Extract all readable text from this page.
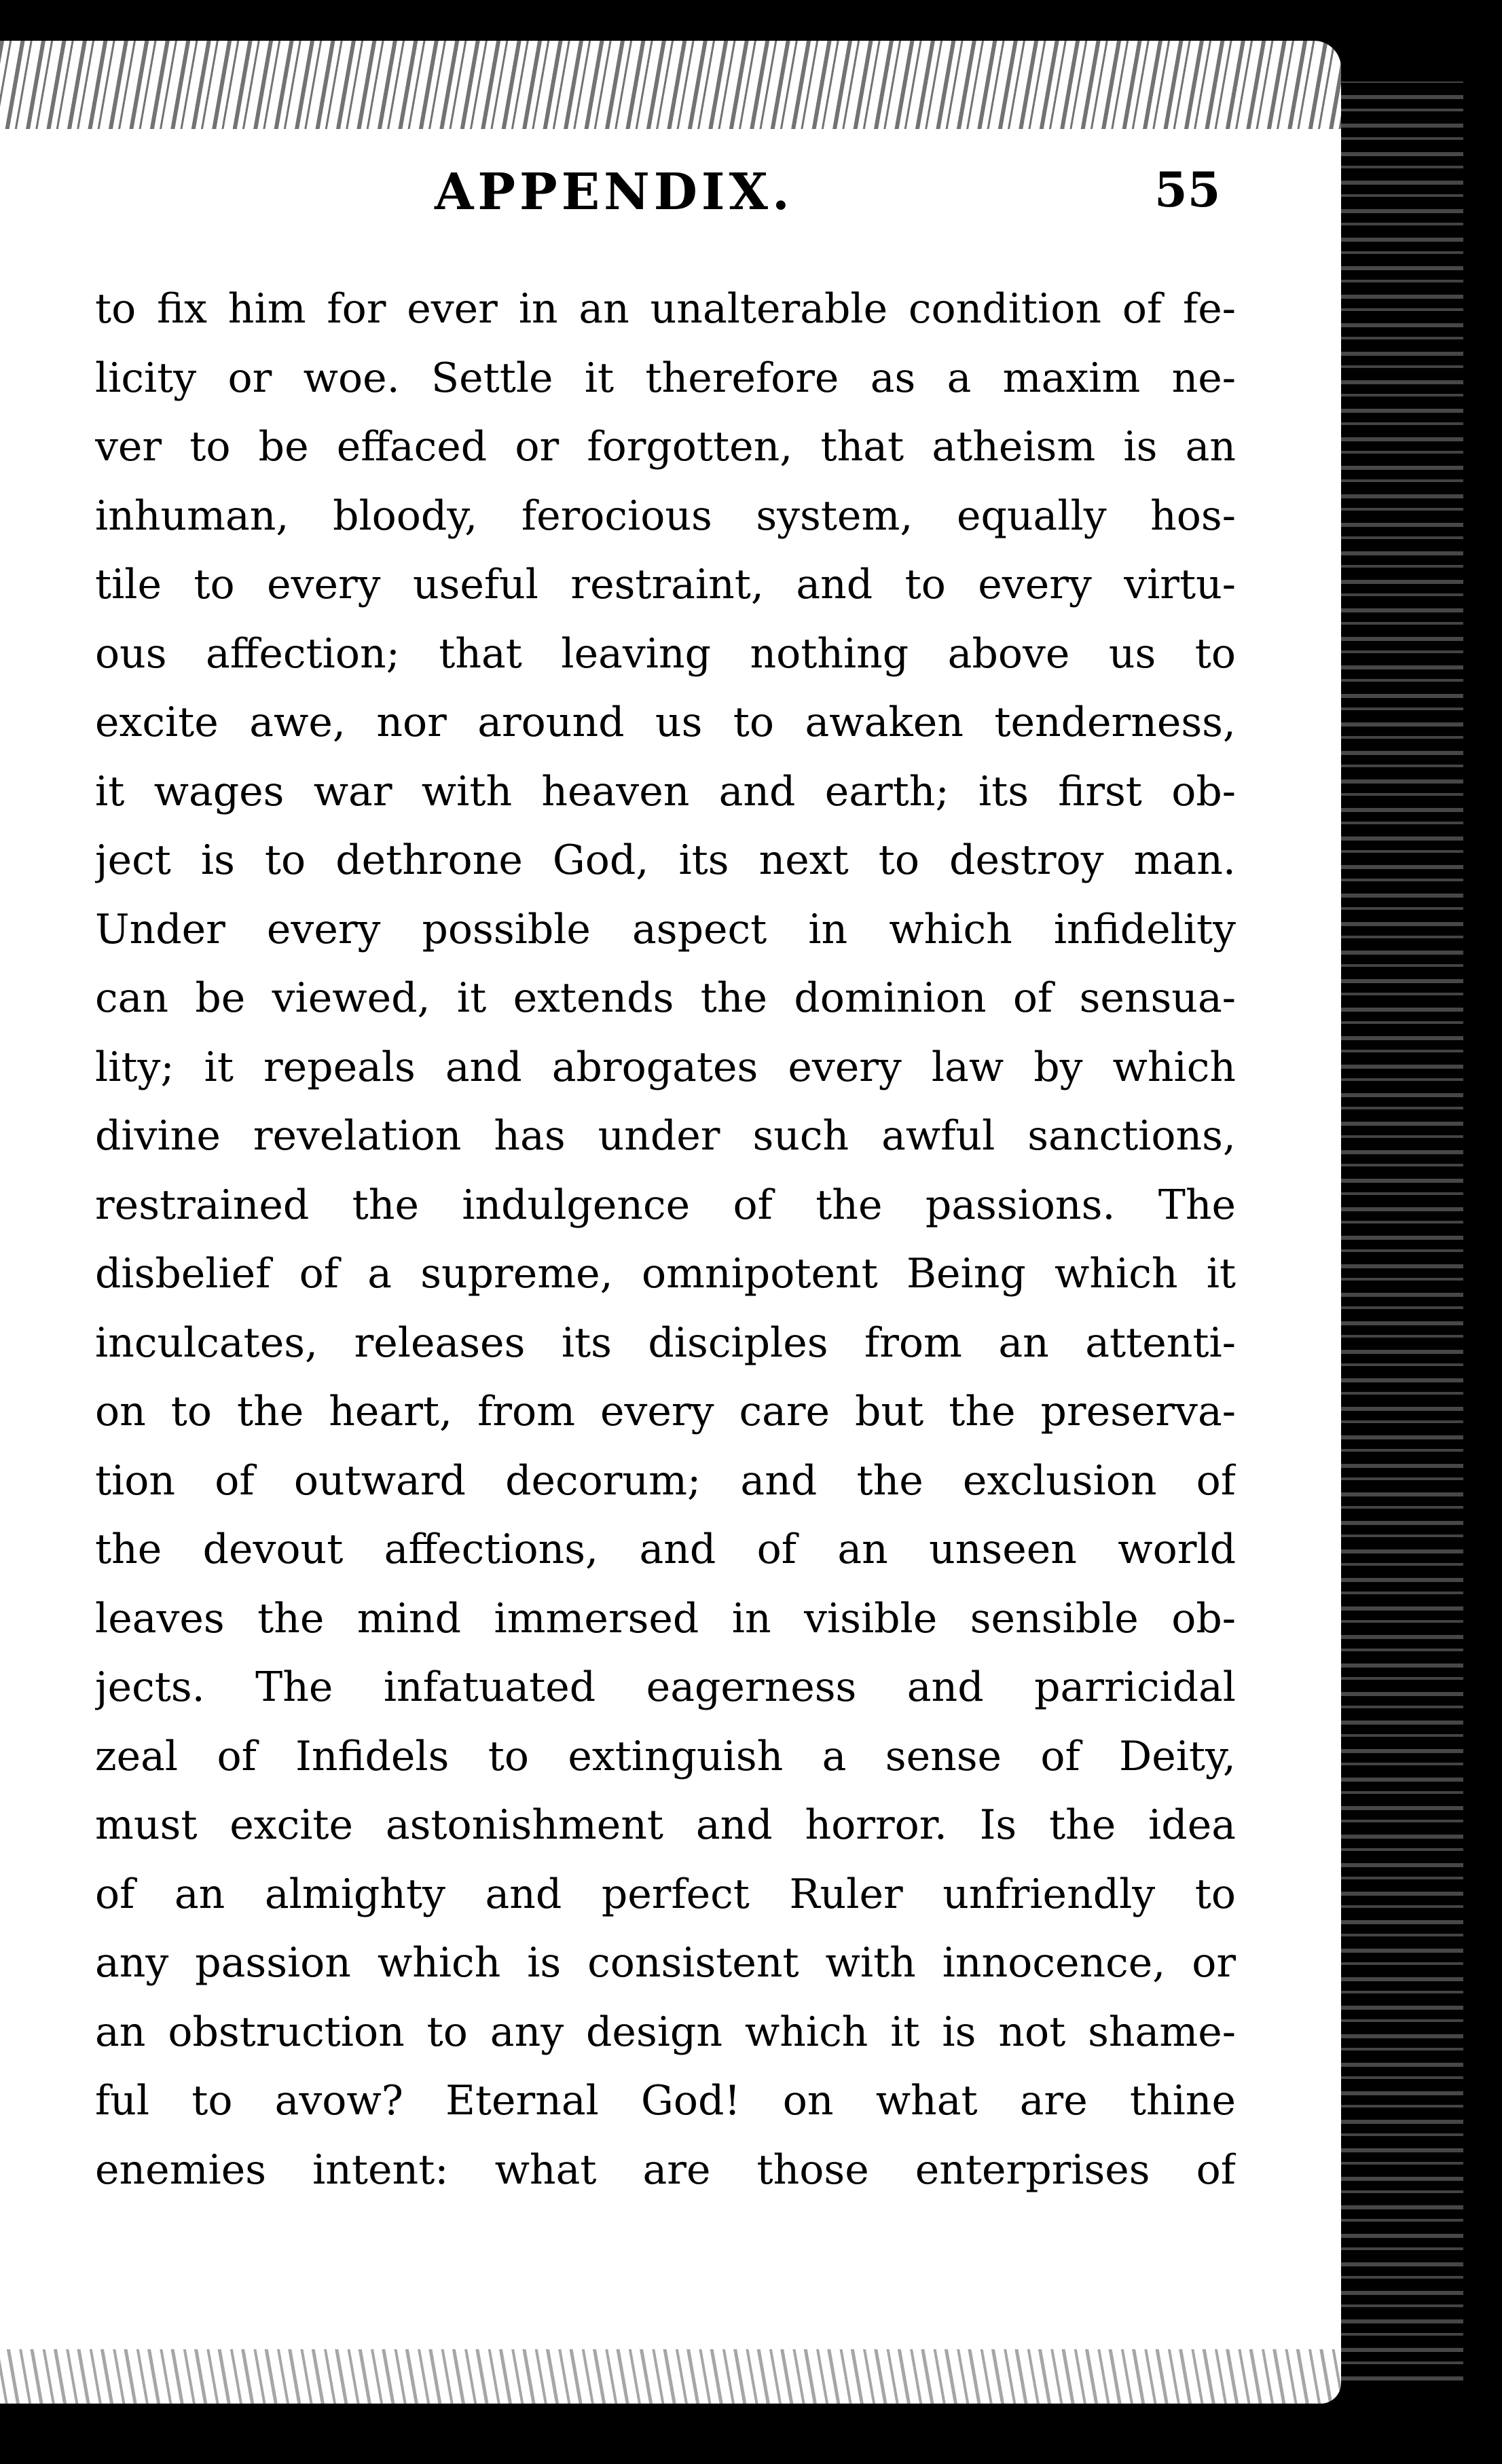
APPENDIX.	55
to fix him for ever in an unalterable condition of fe-
licity or woe. Settle it therefore as a maxim ne-
ver to be effaced or forgotten, that atheism is an
inhuman, bloody, ferocious system, equally hos-
tile to every useful restraint, and to every virtu-
ous affection; that leaving nothing above us to
excite awe, nor around us to awaken tenderness,
it wages war with heaven and earth; its first ob-
ject is to dethrone God, its next to destroy man.
Under every possible aspect in which infidelity
can be viewed, it extends the dominion of sensua-
lity; it repeals and abrogates every law by which
divine revelation has under such awful sanctions,
restrained the indulgence of the passions. The
disbelief of a supreme, omnipotent Being which it
inculcates, releases its disciples from an attenti-
on to the heart, from every care but the preserva-
tion of outward decorum; and the exclusion of
the devout affections, and of an unseen world
leaves the mind immersed in visible sensible ob-
jects. The infatuated eagerness and parricidal
zeal of Infidels to extinguish a sense of Deity,
must excite astonishment and horror. Is the idea
of an almighty and perfect Ruler unfriendly to
any passion which is consistent with innocence, or
an obstruction to any design which it is not shame-
ful to avow? Eternal God! on what are thine
enemies intent: what are those enterprises of
